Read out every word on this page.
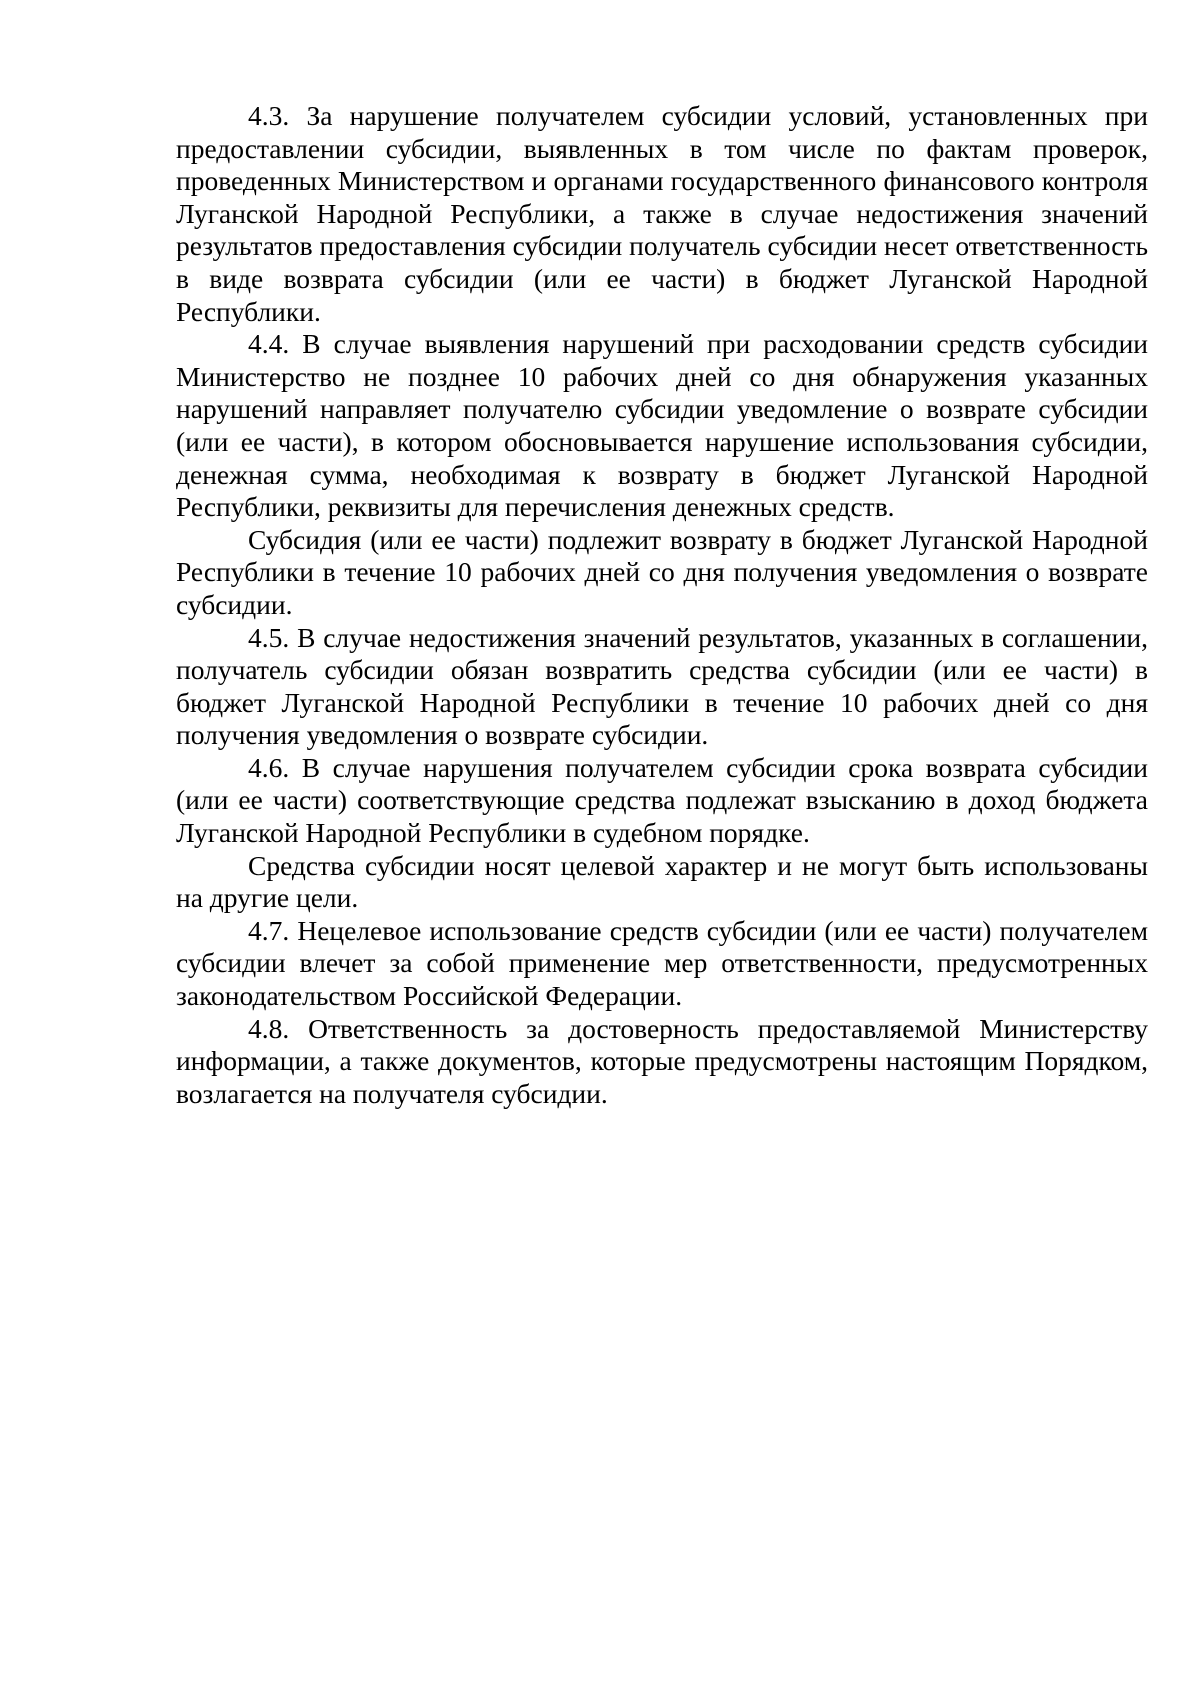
4.3. За нарушение получателем субсидии условий, установленных при предоставлении субсидии, выявленных в том числе по фактам проверок, проведенных Министерством и органами государственного финансового контроля Луганской Народной Республики, а также в случае недостижения значений результатов предоставления субсидии получатель субсидии несет ответственность в виде возврата субсидии (или ее части) в бюджет Луганской Народной Республики.

4.4. В случае выявления нарушений при расходовании средств субсидии Министерство не позднее 10 рабочих дней со дня обнаружения указанных нарушений направляет получателю субсидии уведомление о возврате субсидии (или ее части), в котором обосновывается нарушение использования субсидии, денежная сумма, необходимая к возврату в бюджет Луганской Народной Республики, реквизиты для перечисления денежных средств.

Субсидия (или ее части) подлежит возврату в бюджет Луганской Народной Республики в течение 10 рабочих дней со дня получения уведомления о возврате субсидии.

4.5. В случае недостижения значений результатов, указанных в соглашении, получатель субсидии обязан возвратить средства субсидии (или ее части) в бюджет Луганской Народной Республики в течение 10 рабочих дней со дня получения уведомления о возврате субсидии.

4.6. В случае нарушения получателем субсидии срока возврата субсидии (или ее части) соответствующие средства подлежат взысканию в доход бюджета Луганской Народной Республики в судебном порядке.

Средства субсидии носят целевой характер и не могут быть использованы на другие цели.

4.7. Нецелевое использование средств субсидии (или ее части) получателем субсидии влечет за собой применение мер ответственности, предусмотренных законодательством Российской Федерации.

4.8. Ответственность за достоверность предоставляемой Министерству информации, а также документов, которые предусмотрены настоящим Порядком, возлагается на получателя субсидии.
